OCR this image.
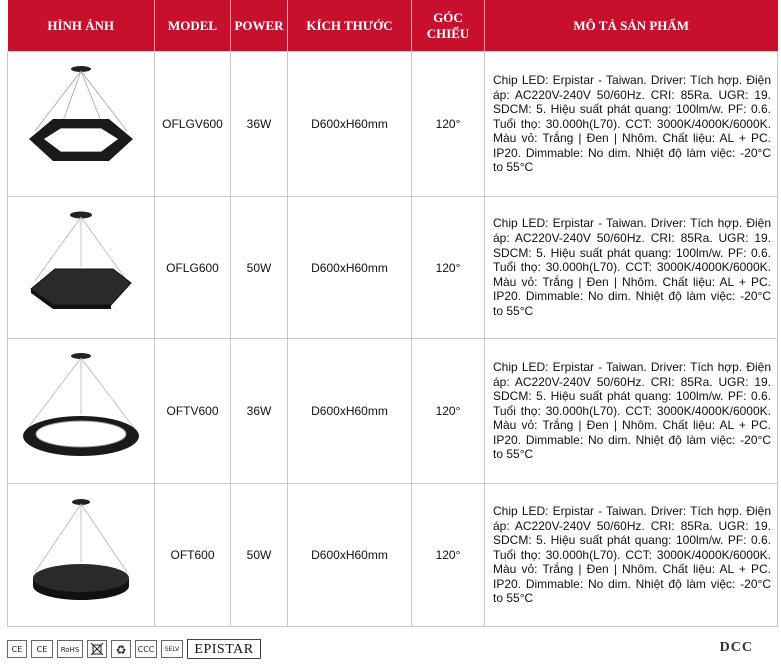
HÌNH ẢNH	MODEL	POWER	KÍCH THƯỚC	GÓC CHIẾU	MÔ TẢ SẢN PHẨM

	OFLGV600	36W	D600xH60mm	120°	Chip LED: Erpistar - Taiwan. Driver: Tích hợp. Điện áp: AC220V-240V 50/60Hz. CRI: 85Ra. UGR: 19. SDCM: 5. Hiệu suất phát quang: 100lm/w. PF: 0.6. Tuổi thọ: 30.000h(L70). CCT: 3000K/4000K/6000K. Màu vỏ: Trắng | Đen | Nhôm. Chất liệu: AL + PC. IP20. Dimmable: No dim. Nhiệt độ làm việc: -20°C to 55°C

	OFLG600	50W	D600xH60mm	120°	Chip LED: Erpistar - Taiwan. Driver: Tích hợp. Điện áp: AC220V-240V 50/60Hz. CRI: 85Ra. UGR: 19. SDCM: 5. Hiệu suất phát quang: 100lm/w. PF: 0.6. Tuổi thọ: 30.000h(L70). CCT: 3000K/4000K/6000K. Màu vỏ: Trắng | Đen | Nhôm. Chất liệu: AL + PC. IP20. Dimmable: No dim. Nhiệt độ làm việc: -20°C to 55°C

	OFTV600	36W	D600xH60mm	120°	Chip LED: Erpistar - Taiwan. Driver: Tích hợp. Điện áp: AC220V-240V 50/60Hz. CRI: 85Ra. UGR: 19. SDCM: 5. Hiệu suất phát quang: 100lm/w. PF: 0.6. Tuổi thọ: 30.000h(L70). CCT: 3000K/4000K/6000K. Màu vỏ: Trắng | Đen | Nhôm. Chất liệu: AL + PC. IP20. Dimmable: No dim. Nhiệt độ làm việc: -20°C to 55°C

	OFT600	50W	D600xH60mm	120°	Chip LED: Erpistar - Taiwan. Driver: Tích hợp. Điện áp: AC220V-240V 50/60Hz. CRI: 85Ra. UGR: 19. SDCM: 5. Hiệu suất phát quang: 100lm/w. PF: 0.6. Tuổi thọ: 30.000h(L70). CCT: 3000K/4000K/6000K. Màu vỏ: Trắng | Đen | Nhôm. Chất liệu: AL + PC. IP20. Dimmable: No dim. Nhiệt độ làm việc: -20°C to 55°C
CE	CE	RoHS	♻	CCC	SELV	EPISTAR	DCC
